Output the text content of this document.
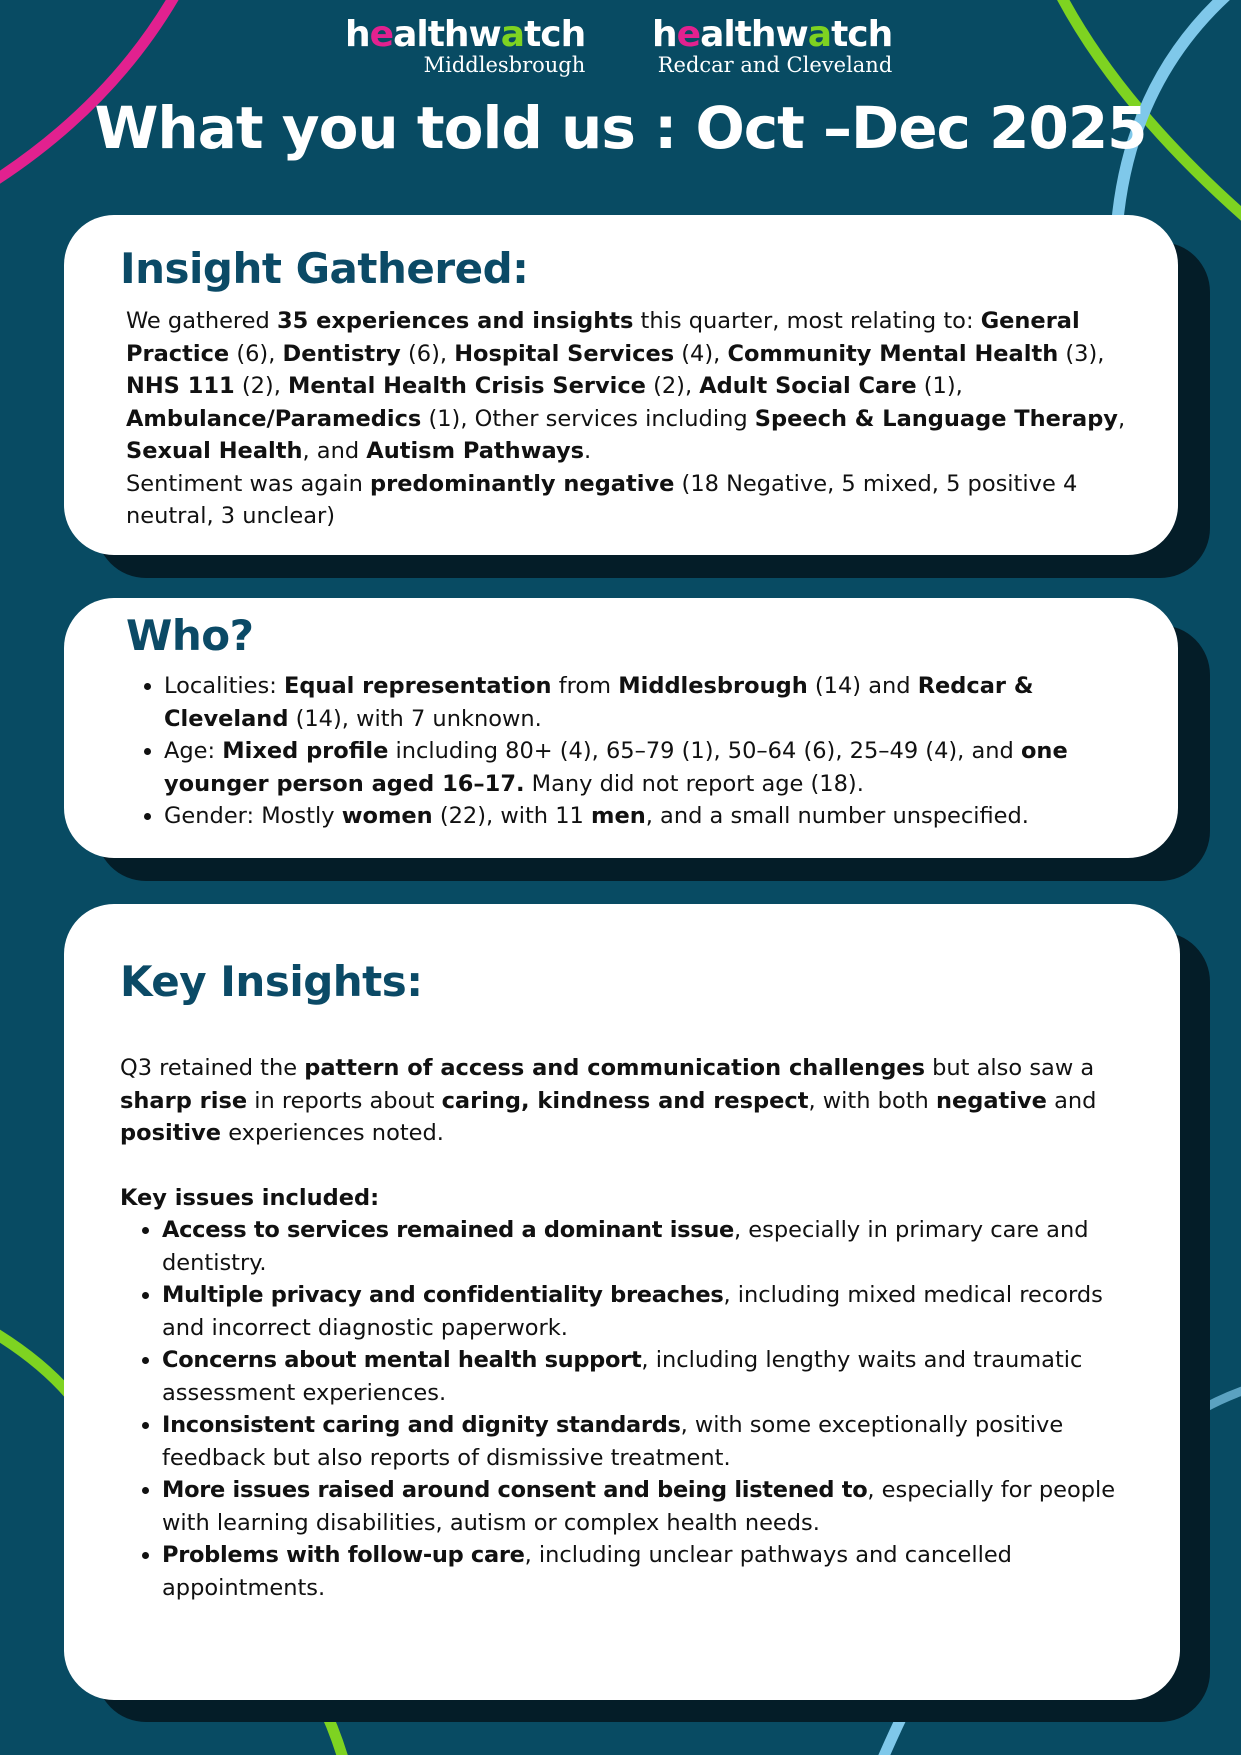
healthwatch
Middlesbrough
healthwatch
Redcar and Cleveland
What you told us : Oct –Dec 2025
Insight Gathered:

We gathered 35 experiences and insights this quarter, most relating to: General Practice (6), Dentistry (6), Hospital Services (4), Community Mental Health (3), NHS 111 (2), Mental Health Crisis Service (2), Adult Social Care (1), Ambulance/Paramedics (1), Other services including Speech & Language Therapy, Sexual Health, and Autism Pathways.
Sentiment was again predominantly negative (18 Negative, 5 mixed, 5 positive 4 neutral, 3 unclear)

Who?
• Localities: Equal representation from Middlesbrough (14) and Redcar & Cleveland (14), with 7 unknown.
• Age: Mixed profile including 80+ (4), 65–79 (1), 50–64 (6), 25–49 (4), and one younger person aged 16–17. Many did not report age (18).
• Gender: Mostly women (22), with 11 men, and a small number unspecified.
Key Insights:

Q3 retained the pattern of access and communication challenges but also saw a sharp rise in reports about caring, kindness and respect, with both negative and positive experiences noted.

Key issues included:

• Access to services remained a dominant issue, especially in primary care and dentistry.
• Multiple privacy and confidentiality breaches, including mixed medical records and incorrect diagnostic paperwork.
• Concerns about mental health support, including lengthy waits and traumatic assessment experiences.
• Inconsistent caring and dignity standards, with some exceptionally positive feedback but also reports of dismissive treatment.
• More issues raised around consent and being listened to, especially for people with learning disabilities, autism or complex health needs.
• Problems with follow-up care, including unclear pathways and cancelled appointments.
